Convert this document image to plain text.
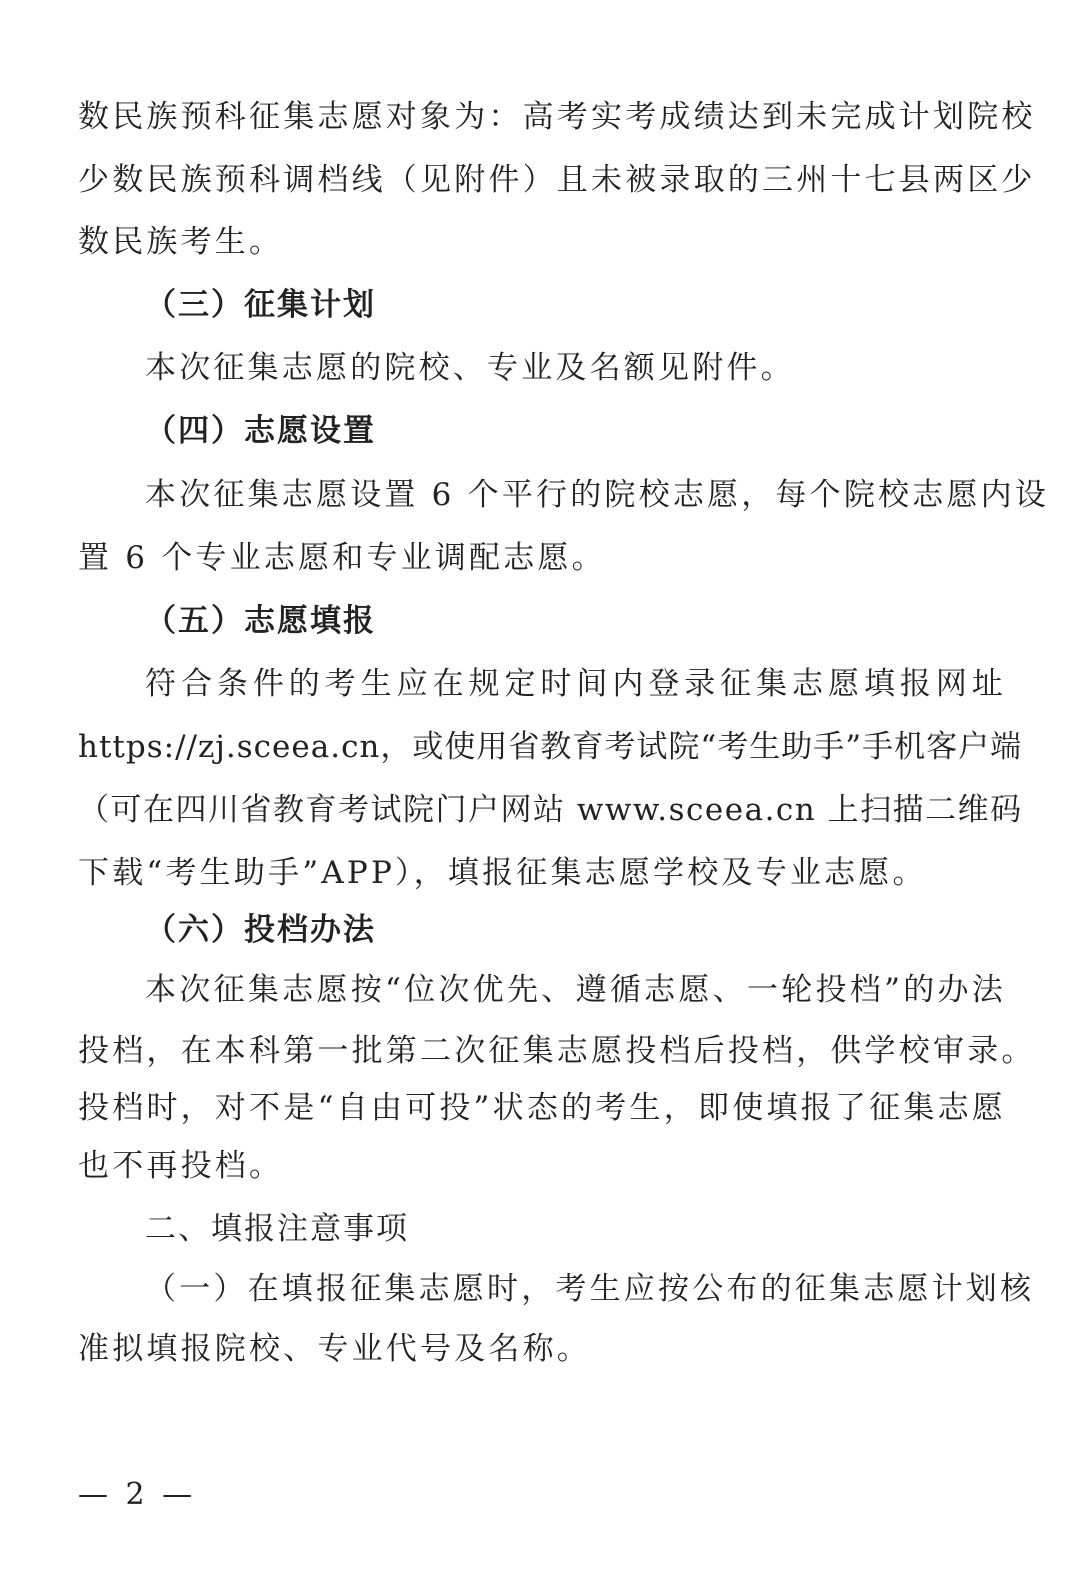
数民族预科征集志愿对象为：高考实考成绩达到未完成计划院校
少数民族预科调档线（见附件）且未被录取的三州十七县两区少
数民族考生。
（三）征集计划
本次征集志愿的院校、专业及名额见附件。
（四）志愿设置
本次征集志愿设置 6 个平行的院校志愿，每个院校志愿内设
置 6 个专业志愿和专业调配志愿。
（五）志愿填报
符合条件的考生应在规定时间内登录征集志愿填报网址
https://zj.sceea.cn，或使用省教育考试院“考生助手”手机客户端
（可在四川省教育考试院门户网站 www.sceea.cn 上扫描二维码
下载“考生助手”APP），填报征集志愿学校及专业志愿。
（六）投档办法
本次征集志愿按“位次优先、遵循志愿、一轮投档”的办法
投档，在本科第一批第二次征集志愿投档后投档，供学校审录。
投档时，对不是“自由可投”状态的考生，即使填报了征集志愿
也不再投档。
二、填报注意事项
（一）在填报征集志愿时，考生应按公布的征集志愿计划核
准拟填报院校、专业代号及名称。
— 2 —
